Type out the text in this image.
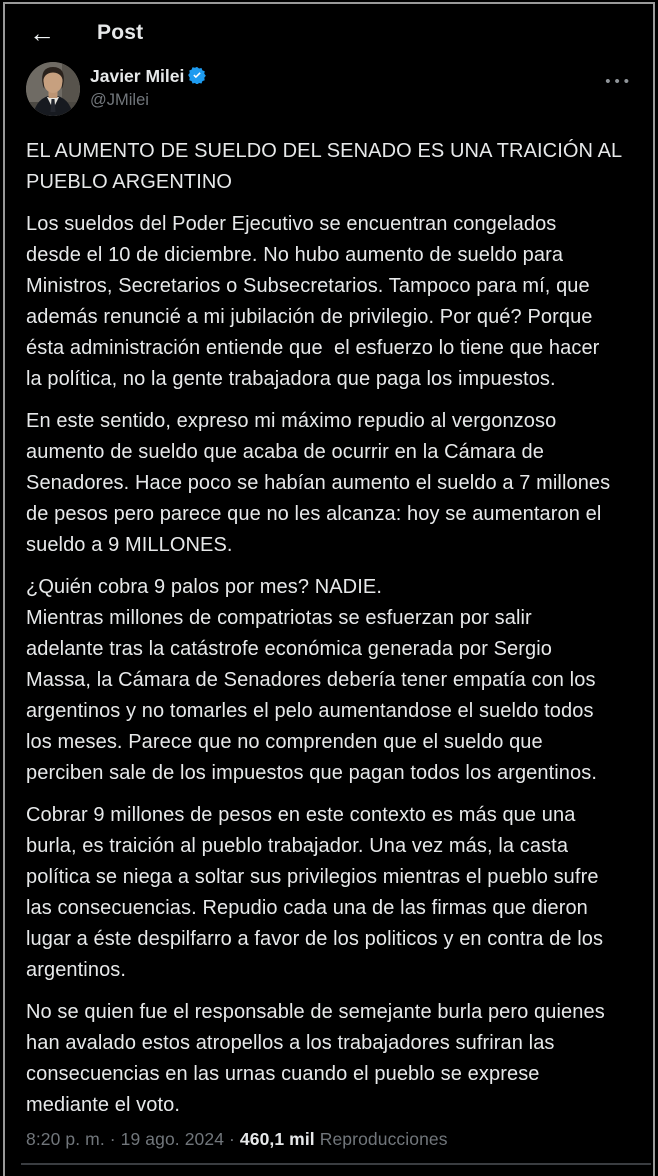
← Post
Javier Milei
@JMilei
•••
EL AUMENTO DE SUELDO DEL SENADO ES UNA TRAICIÓN AL
PUEBLO ARGENTINO
Los sueldos del Poder Ejecutivo se encuentran congelados
desde el 10 de diciembre. No hubo aumento de sueldo para
Ministros, Secretarios o Subsecretarios. Tampoco para mí, que
además renuncié a mi jubilación de privilegio. Por qué? Porque
ésta administración entiende que  el esfuerzo lo tiene que hacer
la política, no la gente trabajadora que paga los impuestos.
En este sentido, expreso mi máximo repudio al vergonzoso
aumento de sueldo que acaba de ocurrir en la Cámara de
Senadores. Hace poco se habían aumento el sueldo a 7 millones
de pesos pero parece que no les alcanza: hoy se aumentaron el
sueldo a 9 MILLONES.
¿Quién cobra 9 palos por mes? NADIE.
Mientras millones de compatriotas se esfuerzan por salir
adelante tras la catástrofe económica generada por Sergio
Massa, la Cámara de Senadores debería tener empatía con los
argentinos y no tomarles el pelo aumentandose el sueldo todos
los meses. Parece que no comprenden que el sueldo que
perciben sale de los impuestos que pagan todos los argentinos.
Cobrar 9 millones de pesos en este contexto es más que una
burla, es traición al pueblo trabajador. Una vez más, la casta
política se niega a soltar sus privilegios mientras el pueblo sufre
las consecuencias. Repudio cada una de las firmas que dieron
lugar a éste despilfarro a favor de los politicos y en contra de los
argentinos.
No se quien fue el responsable de semejante burla pero quienes
han avalado estos atropellos a los trabajadores sufriran las
consecuencias en las urnas cuando el pueblo se exprese
mediante el voto.
8:20 p. m. · 19 ago. 2024 · 460,1 mil Reproducciones
